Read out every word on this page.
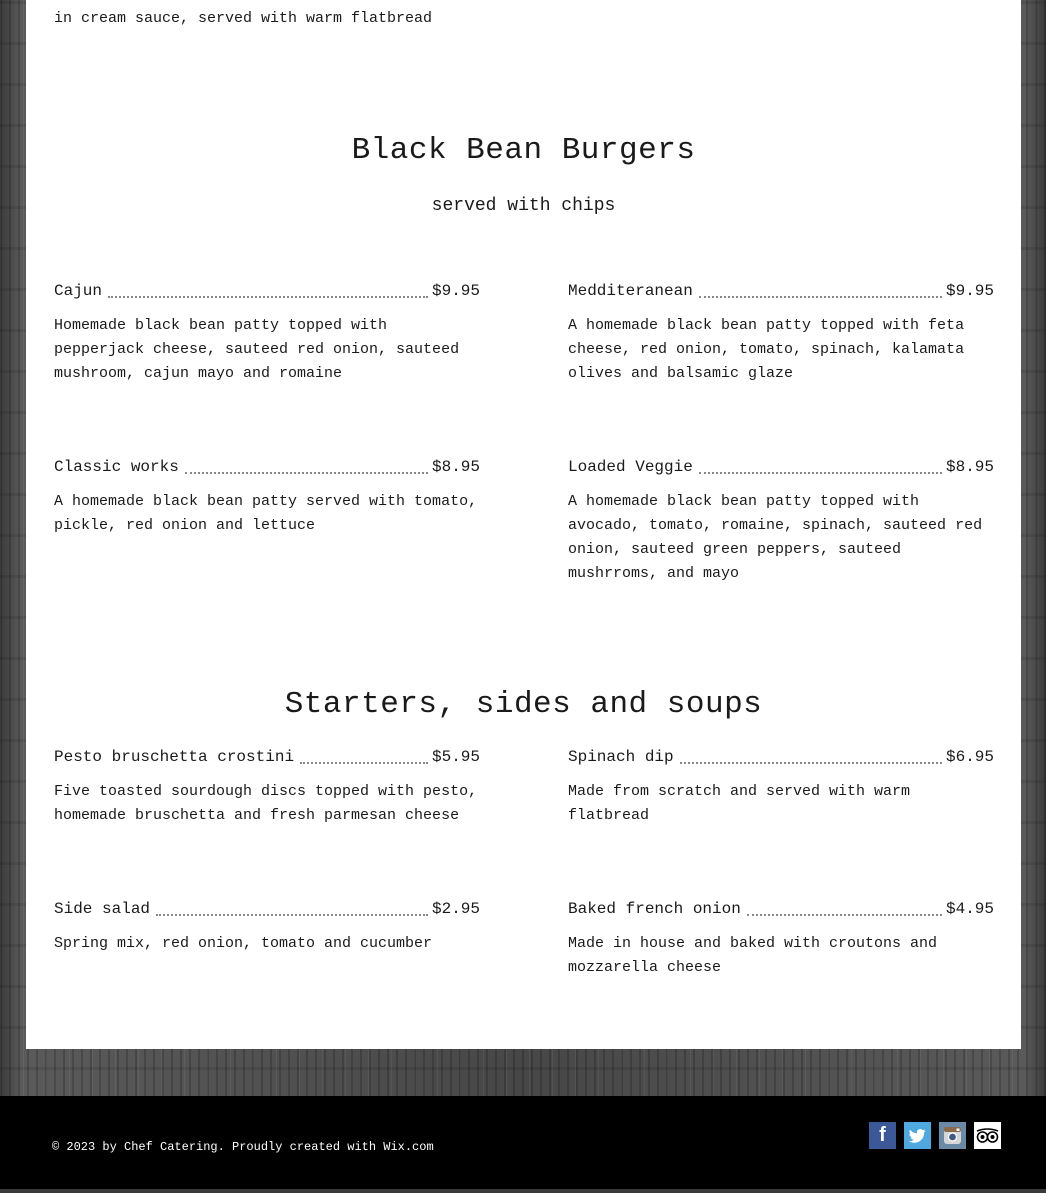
in cream sauce, served with warm flatbread
Black Bean Burgers
served with chips
Cajun	$9.95
Homemade black bean patty topped with pepperjack cheese, sauteed red onion, sauteed mushroom, cajun mayo and romaine
Medditeranean	$9.95
A homemade black bean patty topped with feta cheese, red onion, tomato, spinach, kalamata olives and balsamic glaze
Classic works	$8.95
A homemade black bean patty served with tomato, pickle, red onion and lettuce
Loaded Veggie	$8.95
A homemade black bean patty topped with avocado, tomato, romaine, spinach, sauteed red onion, sauteed green peppers, sauteed mushrroms, and mayo
Starters, sides and soups
Pesto bruschetta crostini	$5.95
Five toasted sourdough discs topped with pesto, homemade bruschetta and fresh parmesan cheese
Spinach dip	$6.95
Made from scratch and served with warm flatbread
Side salad	$2.95
Spring mix, red onion, tomato and cucumber
Baked french onion	$4.95
Made in house and baked with croutons and mozzarella cheese
© 2023 by Chef Catering. Proudly created with Wix.com
f
